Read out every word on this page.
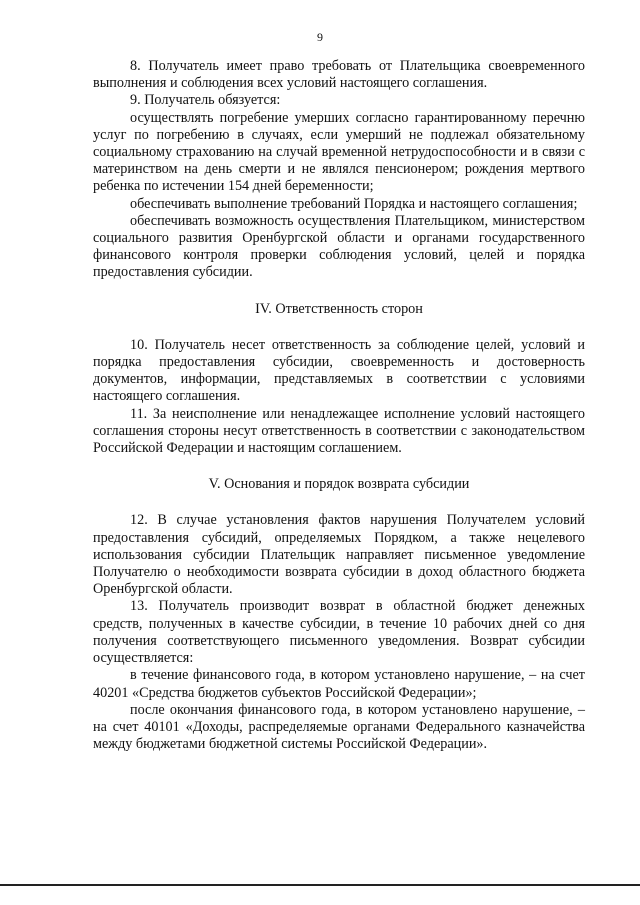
9

8. Получатель имеет право требовать от Плательщика своевременного выполнения и соблюдения всех условий настоящего соглашения.

9. Получатель обязуется:

осуществлять погребение умерших согласно гарантированному перечню услуг по погребению в случаях, если умерший не подлежал обязательному социальному страхованию на случай временной нетрудоспособности и в связи с материнством на день смерти и не являлся пенсионером; рождения мертвого ребенка по истечении 154 дней беременности;

обеспечивать выполнение требований Порядка и настоящего соглашения;

обеспечивать возможность осуществления Плательщиком, министерством социального развития Оренбургской области и органами государственного финансового контроля проверки соблюдения условий, целей и порядка предоставления субсидии.

IV. Ответственность сторон

10. Получатель несет ответственность за соблюдение целей, условий и порядка предоставления субсидии, своевременность и достоверность документов, информации, представляемых в соответствии с условиями настоящего соглашения.

11. За неисполнение или ненадлежащее исполнение условий настоящего соглашения стороны несут ответственность в соответствии с законодательством Российской Федерации и настоящим соглашением.

V. Основания и порядок возврата субсидии

12. В случае установления фактов нарушения Получателем условий предоставления субсидий, определяемых Порядком, а также нецелевого использования субсидии Плательщик направляет письменное уведомление Получателю о необходимости возврата субсидии в доход областного бюджета Оренбургской области.

13. Получатель производит возврат в областной бюджет денежных средств, полученных в качестве субсидии, в течение 10 рабочих дней со дня получения соответствующего письменного уведомления. Возврат субсидии осуществляется:

в течение финансового года, в котором установлено нарушение, – на счет 40201 «Средства бюджетов субъектов Российской Федерации»;

после окончания финансового года, в котором установлено нарушение, – на счет 40101 «Доходы, распределяемые органами Федерального казначейства между бюджетами бюджетной системы Российской Федерации».
